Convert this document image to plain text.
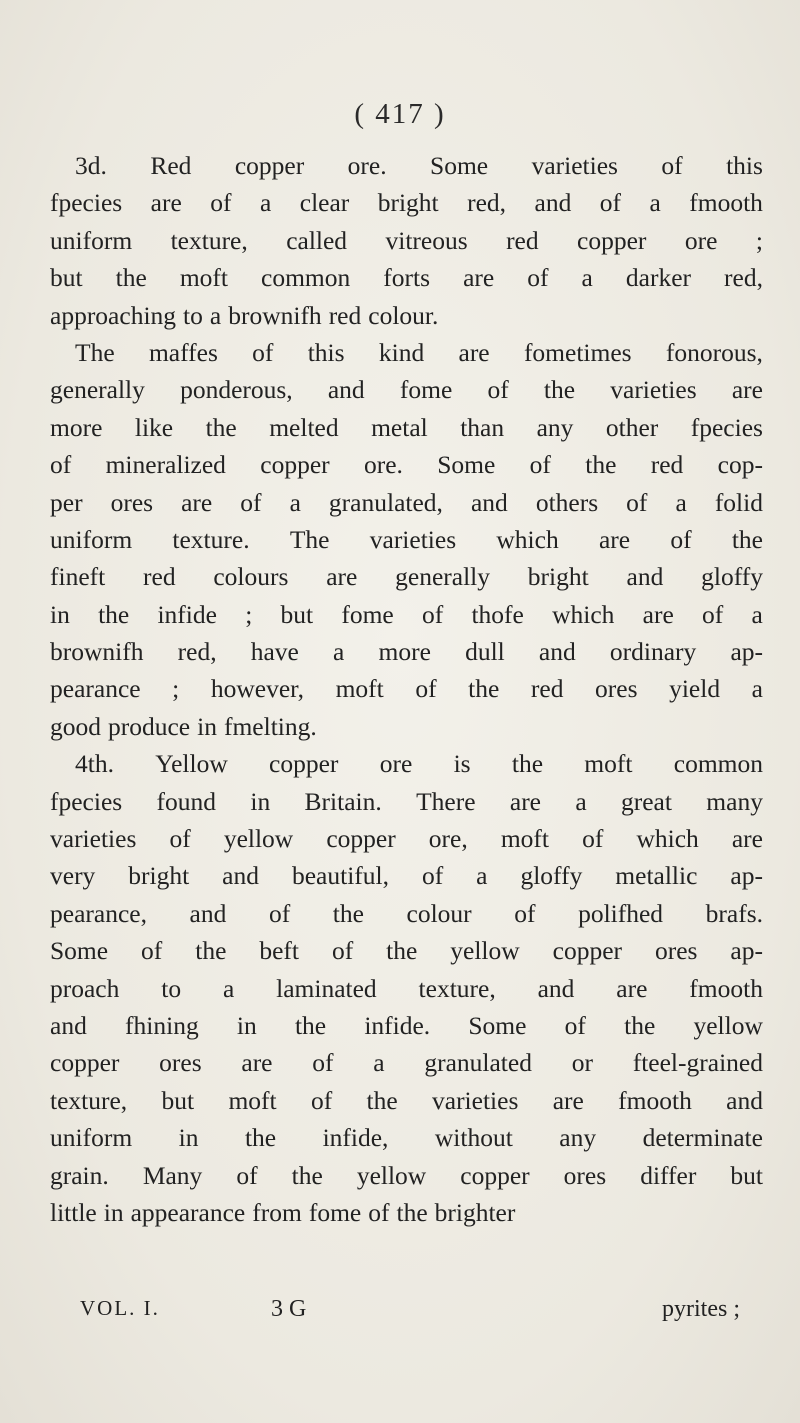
( 417 )
3d. Red copper ore. Some varieties of this
fpecies are of a clear bright red, and of a fmooth
uniform texture, called vitreous red copper ore ;
but the moft common forts are of a darker red,
approaching to a brownifh red colour.
The maffes of this kind are fometimes fonorous,
generally ponderous, and fome of the varieties are
more like the melted metal than any other fpecies
of mineralized copper ore. Some of the red cop-
per ores are of a granulated, and others of a folid
uniform texture. The varieties which are of the
fineft red colours are generally bright and gloffy
in the infide ; but fome of thofe which are of a
brownifh red, have a more dull and ordinary ap-
pearance ; however, moft of the red ores yield a
good produce in fmelting.
4th. Yellow copper ore is the moft common
fpecies found in Britain. There are a great many
varieties of yellow copper ore, moft of which are
very bright and beautiful, of a gloffy metallic ap-
pearance, and of the colour of polifhed brafs.
Some of the beft of the yellow copper ores ap-
proach to a laminated texture, and are fmooth
and fhining in the infide. Some of the yellow
copper ores are of a granulated or fteel-grained
texture, but moft of the varieties are fmooth and
uniform in the infide, without any determinate
grain. Many of the yellow copper ores differ but
little in appearance from fome of the brighter
VOL. I.	3 G	pyrites ;
